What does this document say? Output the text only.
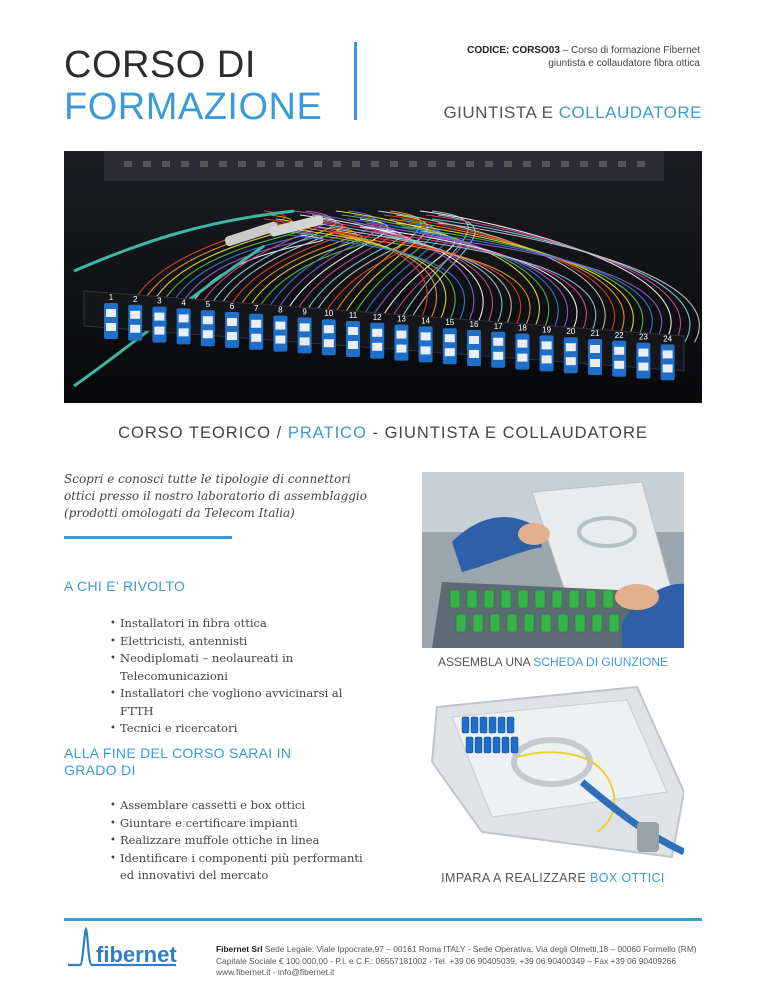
CORSO DI
FORMAZIONE
CODICE: CORSO03 – Corso di formazione Fibernet
giuntista e collaudatore fibra ottica
GIUNTISTA E COLLAUDATORE
1 2 3 4 5 6 7 8 9 10 11 12 13 14 15 16 17 18 19 20 21 22 23 24
CORSO TEORICO / PRATICO - GIUNTISTA E COLLAUDATORE
Scopri e conosci tutte le tipologie di connettori
ottici presso il nostro laboratorio di assemblaggio
(prodotti omologati da Telecom Italia)
A CHI E’ RIVOLTO
• Installatori in fibra ottica
• Elettricisti, antennisti
• Neodiplomati – neolaureati in Telecomunicazioni
• Installatori che vogliono avvicinarsi al FTTH
• Tecnici e ricercatori
ALLA FINE DEL CORSO SARAI IN GRADO DI
• Assemblare cassetti e box ottici
• Giuntare e certificare impianti
• Realizzare muffole ottiche in linea
• Identificare i componenti più performanti ed innovativi del mercato
ASSEMBLA UNA SCHEDA DI GIUNZIONE
IMPARA A REALIZZARE BOX OTTICI
fibernet	Fibernet Srl Sede Legale: Viale Ippocrate,97 – 00161 Roma ITALY - Sede Operativa: Via degli Olmetti,18 – 00060 Formello (RM)
Capitale Sociale € 100.000,00 - P.I. e C.F.: 06557181002 - Tel. +39 06 90405039, +39 06 90400349 – Fax +39 06 90409266
www.fibernet.it - info@fibernet.it
